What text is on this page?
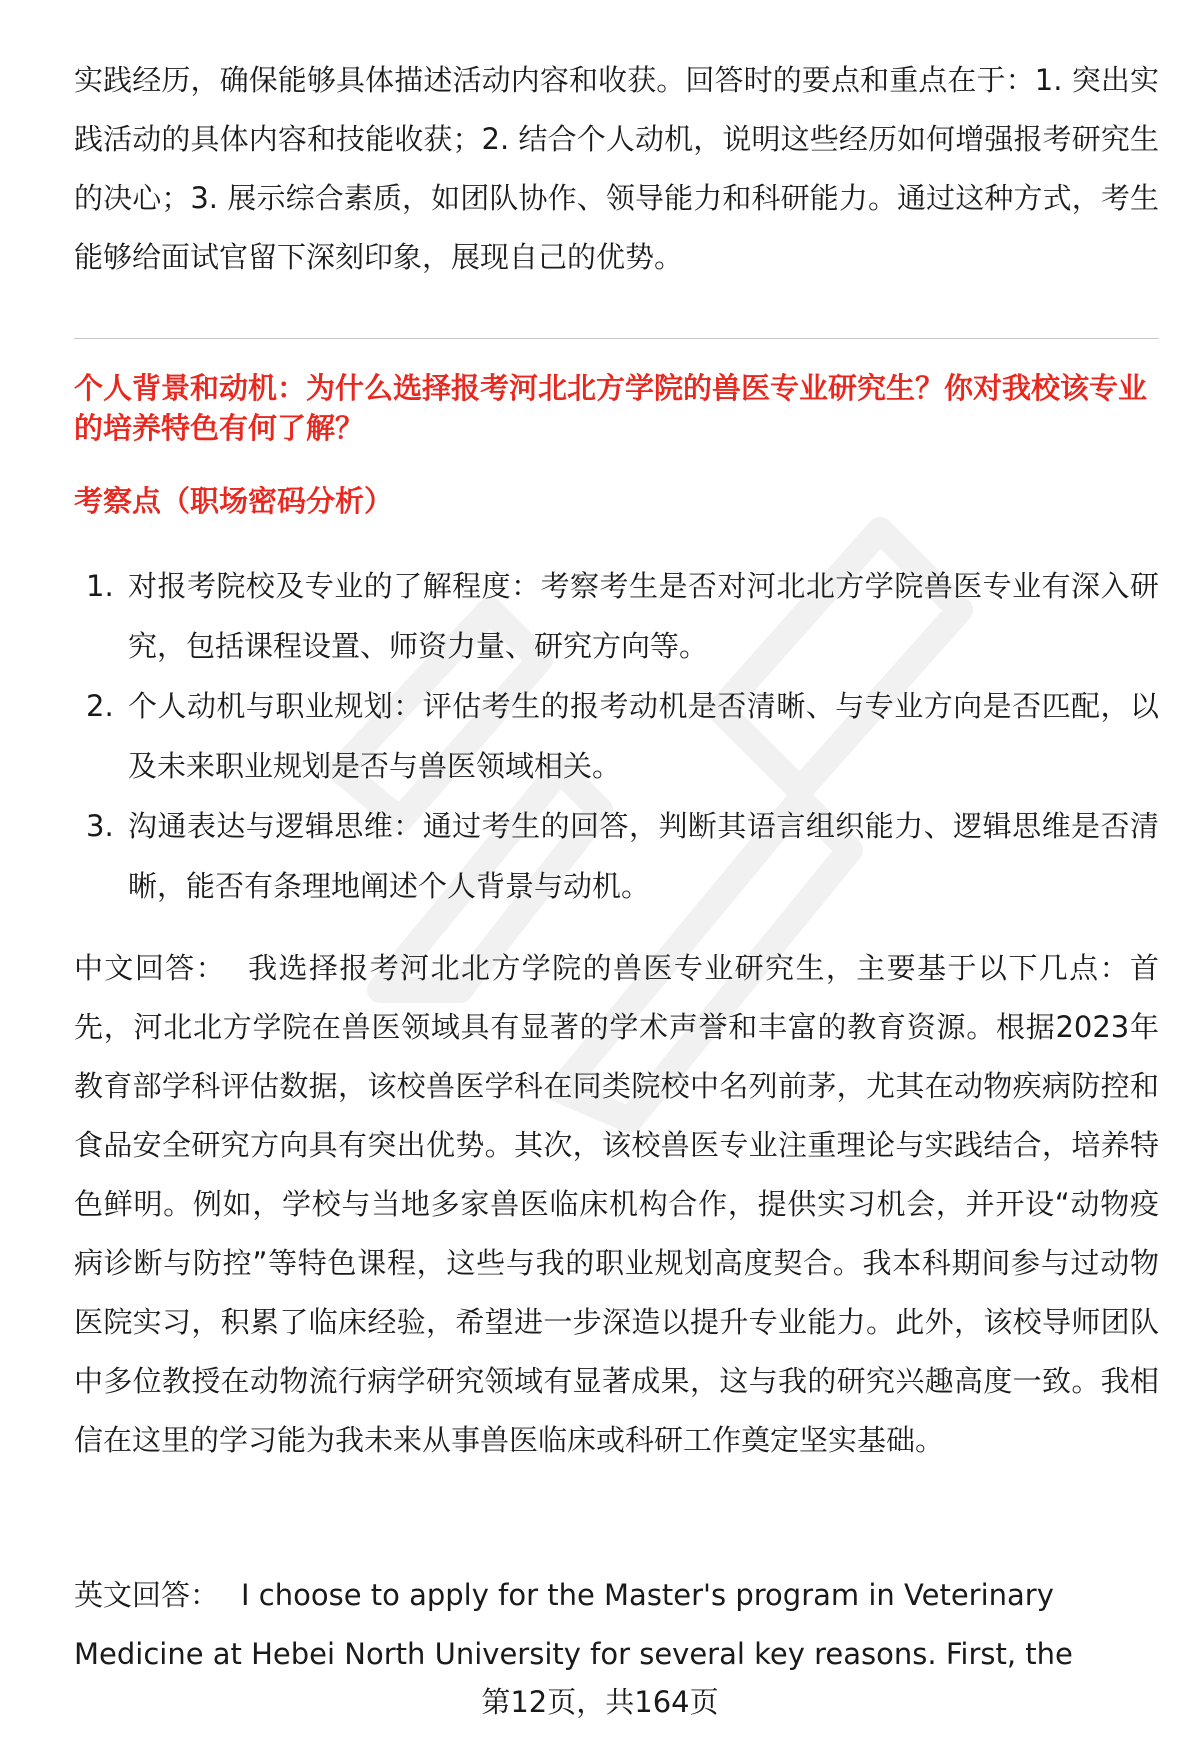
实践经历，确保能够具体描述活动内容和收获。回答时的要点和重点在于：1. 突出实践活动的具体内容和技能收获；2. 结合个人动机，说明这些经历如何增强报考研究生的决心；3. 展示综合素质，如团队协作、领导能力和科研能力。通过这种方式，考生能够给面试官留下深刻印象，展现自己的优势。

个人背景和动机：为什么选择报考河北北方学院的兽医专业研究生？你对我校该专业的培养特色有何了解？

考察点（职场密码分析）

1. 对报考院校及专业的了解程度：考察考生是否对河北北方学院兽医专业有深入研究，包括课程设置、师资力量、研究方向等。
2. 个人动机与职业规划：评估考生的报考动机是否清晰、与专业方向是否匹配，以及未来职业规划是否与兽医领域相关。
3. 沟通表达与逻辑思维：通过考生的回答，判断其语言组织能力、逻辑思维是否清晰，能否有条理地阐述个人背景与动机。

中文回答： 我选择报考河北北方学院的兽医专业研究生，主要基于以下几点：首先，河北北方学院在兽医领域具有显著的学术声誉和丰富的教育资源。根据2023年教育部学科评估数据，该校兽医学科在同类院校中名列前茅，尤其在动物疾病防控和食品安全研究方向具有突出优势。其次，该校兽医专业注重理论与实践结合，培养特色鲜明。例如，学校与当地多家兽医临床机构合作，提供实习机会，并开设“动物疫病诊断与防控”等特色课程，这些与我的职业规划高度契合。我本科期间参与过动物医院实习，积累了临床经验，希望进一步深造以提升专业能力。此外，该校导师团队中多位教授在动物流行病学研究领域有显著成果，这与我的研究兴趣高度一致。我相信在这里的学习能为我未来从事兽医临床或科研工作奠定坚实基础。

英文回答： I choose to apply for the Master's program in Veterinary Medicine at Hebei North University for several key reasons. First, the

第12页，共164页
